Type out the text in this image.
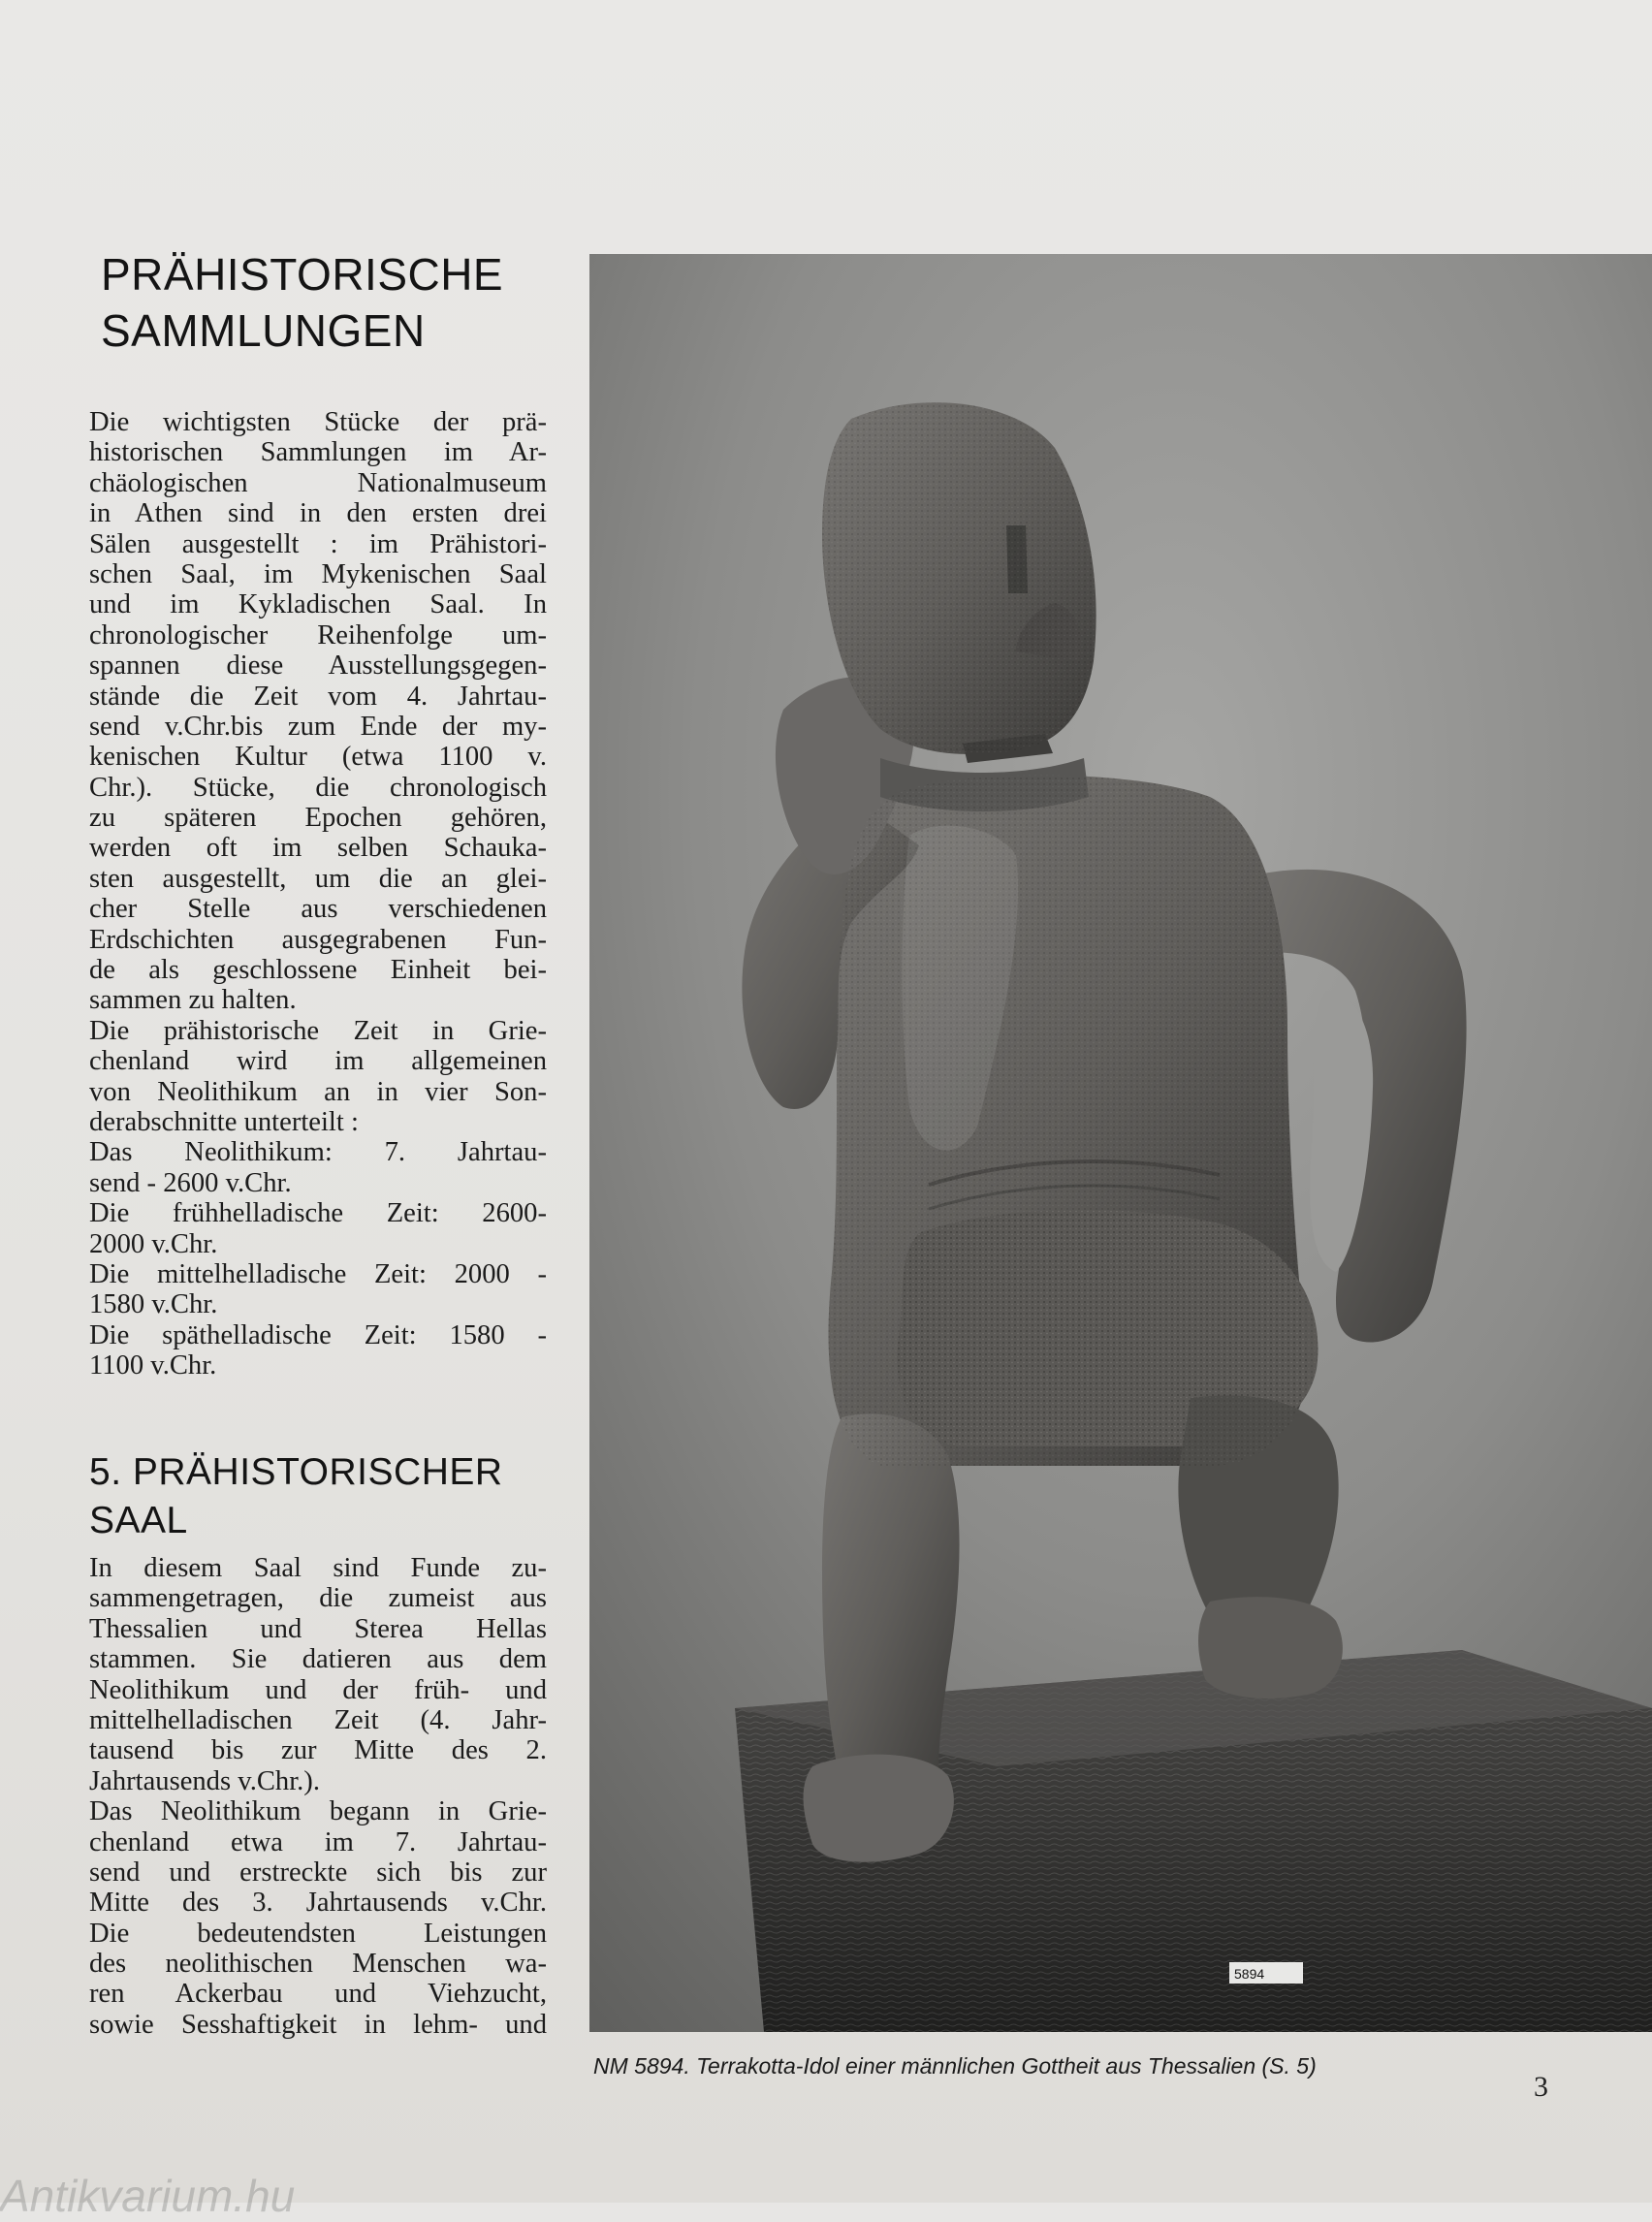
PRÄHISTORISCHE
SAMMLUNGEN
Die wichtigsten Stücke der prä-
historischen Sammlungen im Ar-
chäologischen Nationalmuseum
in Athen sind in den ersten drei
Sälen ausgestellt : im Prähistori-
schen Saal, im Mykenischen Saal
und im Kykladischen Saal. In
chronologischer Reihenfolge um-
spannen diese Ausstellungsgegen-
stände die Zeit vom 4. Jahrtau-
send v.Chr.bis zum Ende der my-
kenischen Kultur (etwa 1100 v.
Chr.). Stücke, die chronologisch
zu späteren Epochen gehören,
werden oft im selben Schauka-
sten ausgestellt, um die an glei-
cher Stelle aus verschiedenen
Erdschichten ausgegrabenen Fun-
de als geschlossene Einheit bei-
sammen zu halten.
Die prähistorische Zeit in Grie-
chenland wird im allgemeinen
von Neolithikum an in vier Son-
derabschnitte unterteilt :
Das Neolithikum: 7. Jahrtau-
send - 2600 v.Chr.
Die frühhelladische Zeit: 2600-
2000 v.Chr.
Die mittelhelladische Zeit: 2000 -
1580 v.Chr.
Die späthelladische Zeit: 1580 -
1100 v.Chr.
5. PRÄHISTORISCHER
SAAL
In diesem Saal sind Funde zu-
sammengetragen, die zumeist aus
Thessalien und Sterea Hellas
stammen. Sie datieren aus dem
Neolithikum und der früh- und
mittelhelladischen Zeit (4. Jahr-
tausend bis zur Mitte des 2.
Jahrtausends v.Chr.).
Das Neolithikum begann in Grie-
chenland etwa im 7. Jahrtau-
send und erstreckte sich bis zur
Mitte des 3. Jahrtausends v.Chr.
Die bedeutendsten Leistungen
des neolithischen Menschen wa-
ren Ackerbau und Viehzucht,
sowie Sesshaftigkeit in lehm- und
5894
NM 5894. Terrakotta-Idol einer männlichen Gottheit aus Thessalien (S. 5)
3
Antikvarium.hu
